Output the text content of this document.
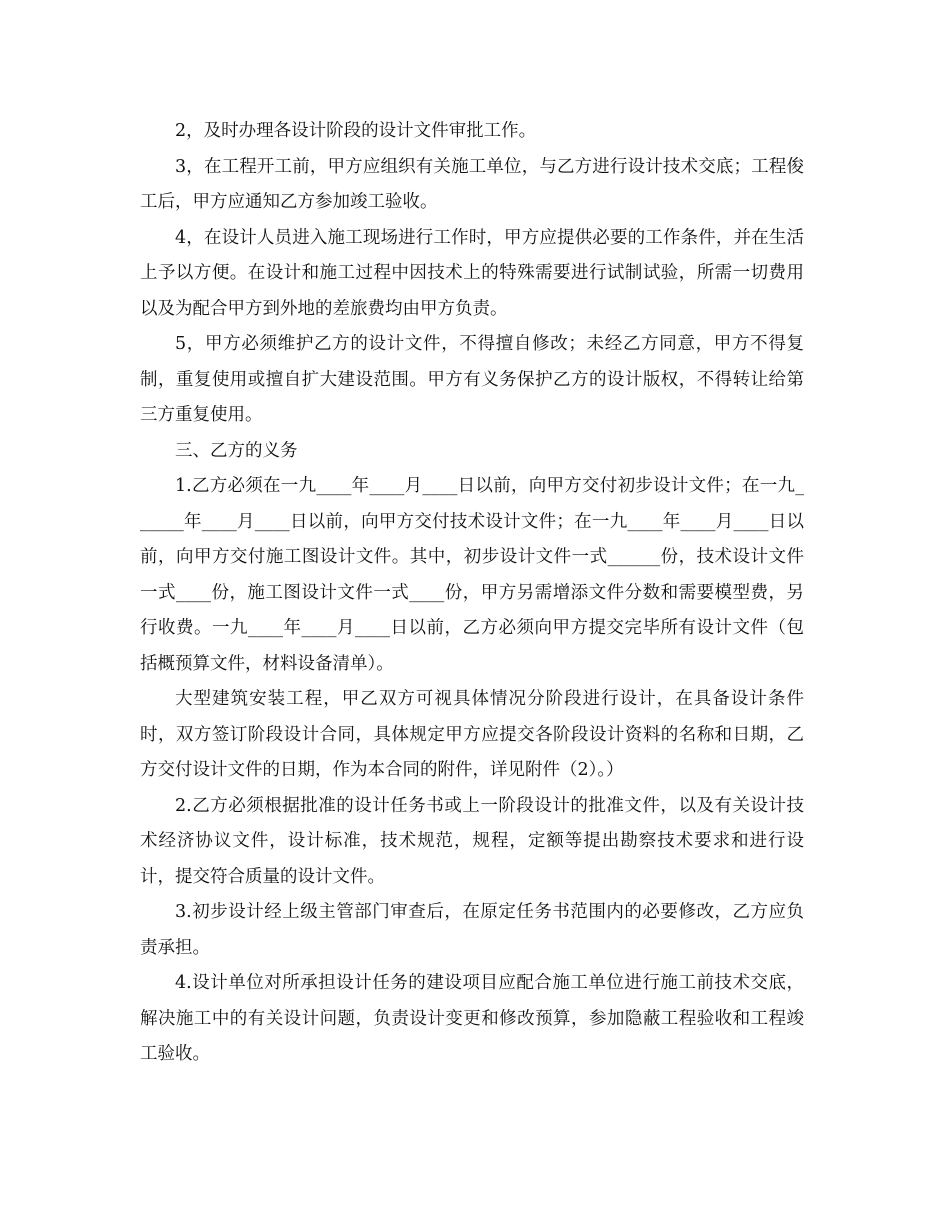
2，及时办理各设计阶段的设计文件审批工作。

3，在工程开工前，甲方应组织有关施工单位，与乙方进行设计技术交底；工程俊工后，甲方应通知乙方参加竣工验收。

4，在设计人员进入施工现场进行工作时，甲方应提供必要的工作条件，并在生活上予以方便。在设计和施工过程中因技术上的特殊需要进行试制试验，所需一切费用以及为配合甲方到外地的差旅费均由甲方负责。

5，甲方必须维护乙方的设计文件，不得擅自修改；未经乙方同意，甲方不得复制，重复使用或擅自扩大建设范围。甲方有义务保护乙方的设计版权，不得转让给第三方重复使用。

三、乙方的义务

1.乙方必须在一九____年____月____日以前，向甲方交付初步设计文件；在一九______年____月____日以前，向甲方交付技术设计文件；在一九____年____月____日以前，向甲方交付施工图设计文件。其中，初步设计文件一式______份，技术设计文件一式____份，施工图设计文件一式____份，甲方另需增添文件分数和需要模型费，另行收费。一九____年____月____日以前，乙方必须向甲方提交完毕所有设计文件（包括概预算文件，材料设备清单）。

大型建筑安装工程，甲乙双方可视具体情况分阶段进行设计，在具备设计条件时，双方签订阶段设计合同，具体规定甲方应提交各阶段设计资料的名称和日期，乙方交付设计文件的日期，作为本合同的附件，详见附件（2）。）

2.乙方必须根据批准的设计任务书或上一阶段设计的批准文件，以及有关设计技术经济协议文件，设计标准，技术规范，规程，定额等提出勘察技术要求和进行设计，提交符合质量的设计文件。

3.初步设计经上级主管部门审查后，在原定任务书范围内的必要修改，乙方应负责承担。

4.设计单位对所承担设计任务的建设项目应配合施工单位进行施工前技术交底，解决施工中的有关设计问题，负责设计变更和修改预算，参加隐蔽工程验收和工程竣工验收。
